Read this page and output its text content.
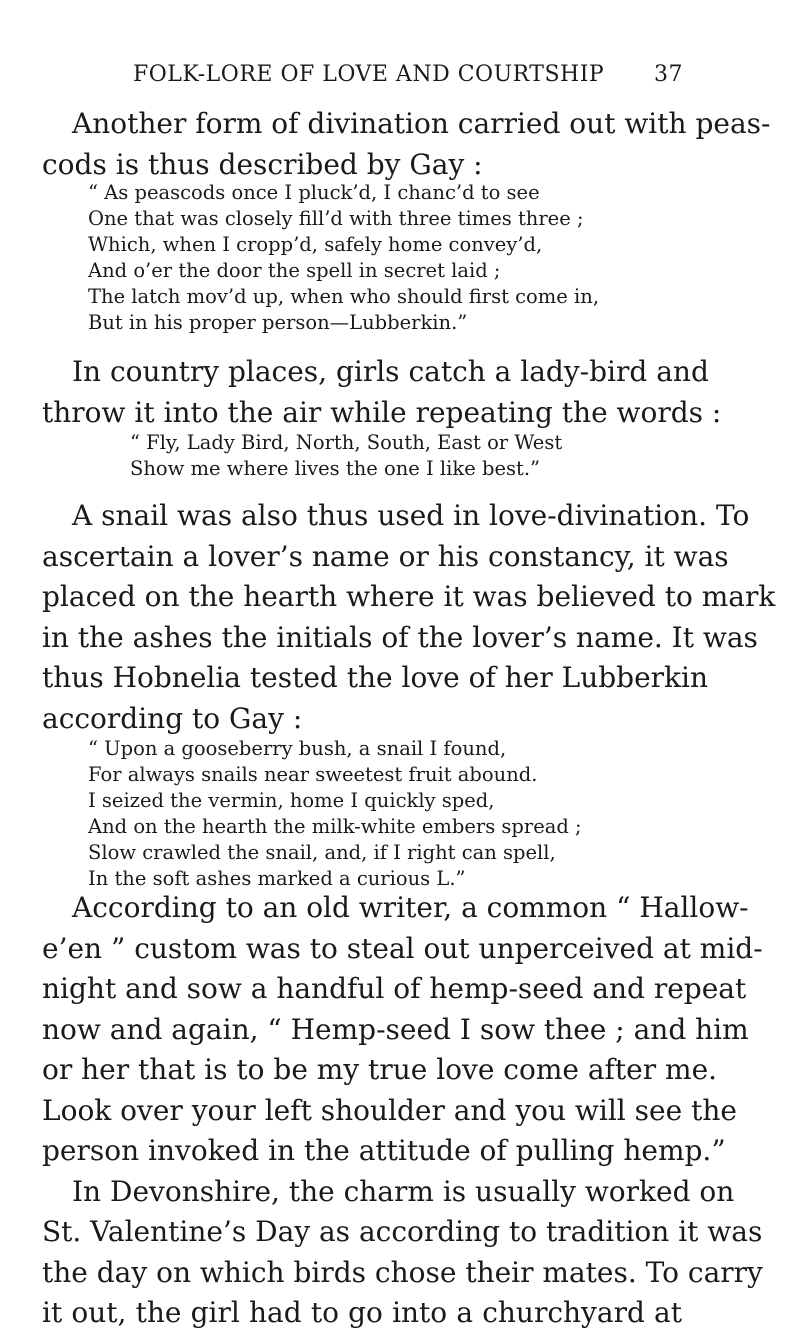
FOLK-LORE OF LOVE AND COURTSHIP 37
Another form of divination carried out with peas-
cods is thus described by Gay :
“ As peascods once I pluck’d, I chanc’d to see
One that was closely fill’d with three times three ;
Which, when I cropp’d, safely home convey’d,
And o’er the door the spell in secret laid ;
The latch mov’d up, when who should first come in,
But in his proper person—Lubberkin.”
In country places, girls catch a lady-bird and
throw it into the air while repeating the words :
“ Fly, Lady Bird, North, South, East or West
Show me where lives the one I like best.”
A snail was also thus used in love-divination. To
ascertain a lover’s name or his constancy, it was
placed on the hearth where it was believed to mark
in the ashes the initials of the lover’s name. It was
thus Hobnelia tested the love of her Lubberkin
according to Gay :
“ Upon a gooseberry bush, a snail I found,
For always snails near sweetest fruit abound.
I seized the vermin, home I quickly sped,
And on the hearth the milk-white embers spread ;
Slow crawled the snail, and, if I right can spell,
In the soft ashes marked a curious L.”
According to an old writer, a common “ Hallow-
e’en ” custom was to steal out unperceived at mid-
night and sow a handful of hemp-seed and repeat
now and again, “ Hemp-seed I sow thee ; and him
or her that is to be my true love come after me.
Look over your left shoulder and you will see the
person invoked in the attitude of pulling hemp.”
In Devonshire, the charm is usually worked on
St. Valentine’s Day as according to tradition it was
the day on which birds chose their mates. To carry
it out, the girl had to go into a churchyard at
